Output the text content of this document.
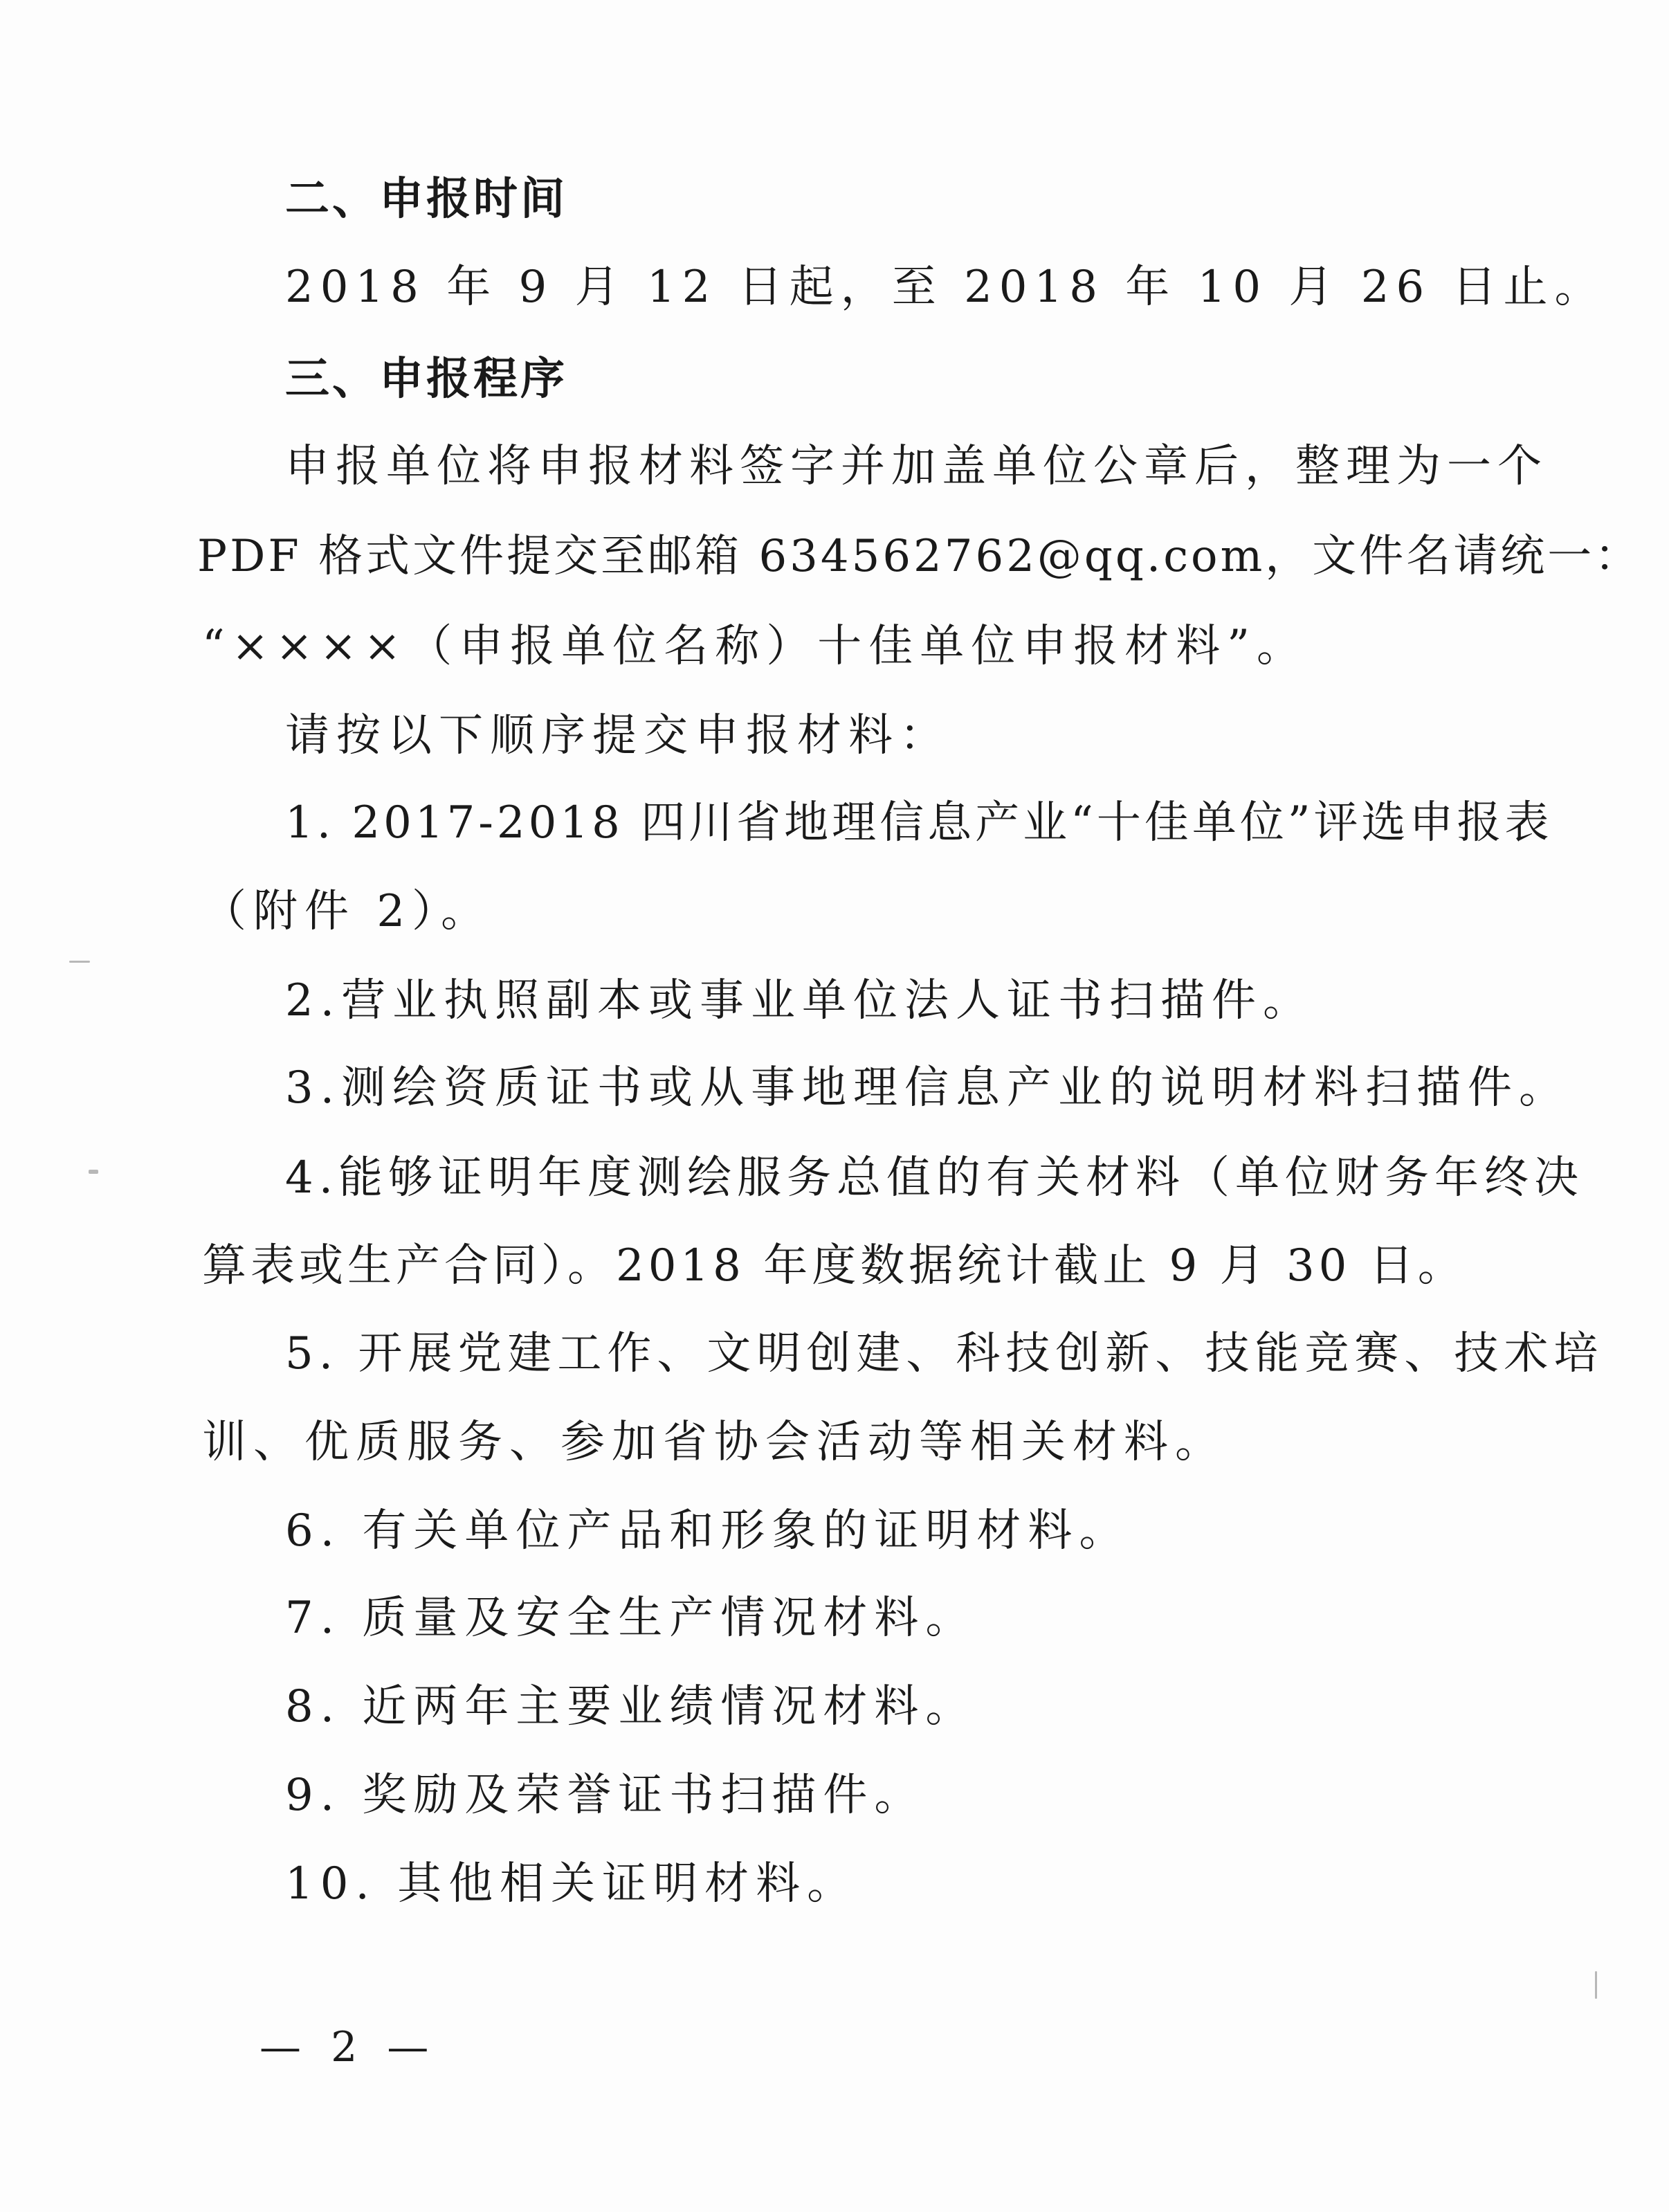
二、申报时间
2018 年 9 月 12 日起，至 2018 年 10 月 26 日止。
三、申报程序
申报单位将申报材料签字并加盖单位公章后，整理为一个
PDF 格式文件提交至邮箱 634562762@qq.com，文件名请统一：
“××××（申报单位名称）十佳单位申报材料”。
请按以下顺序提交申报材料：
1. 2017-2018 四川省地理信息产业“十佳单位”评选申报表
（附件 2）。
2.营业执照副本或事业单位法人证书扫描件。
3.测绘资质证书或从事地理信息产业的说明材料扫描件。
4.能够证明年度测绘服务总值的有关材料（单位财务年终决
算表或生产合同）。2018 年度数据统计截止 9 月 30 日。
5. 开展党建工作、文明创建、科技创新、技能竞赛、技术培
训、优质服务、参加省协会活动等相关材料。
6. 有关单位产品和形象的证明材料。
7. 质量及安全生产情况材料。
8. 近两年主要业绩情况材料。
9. 奖励及荣誉证书扫描件。
10. 其他相关证明材料。
— 2 —
